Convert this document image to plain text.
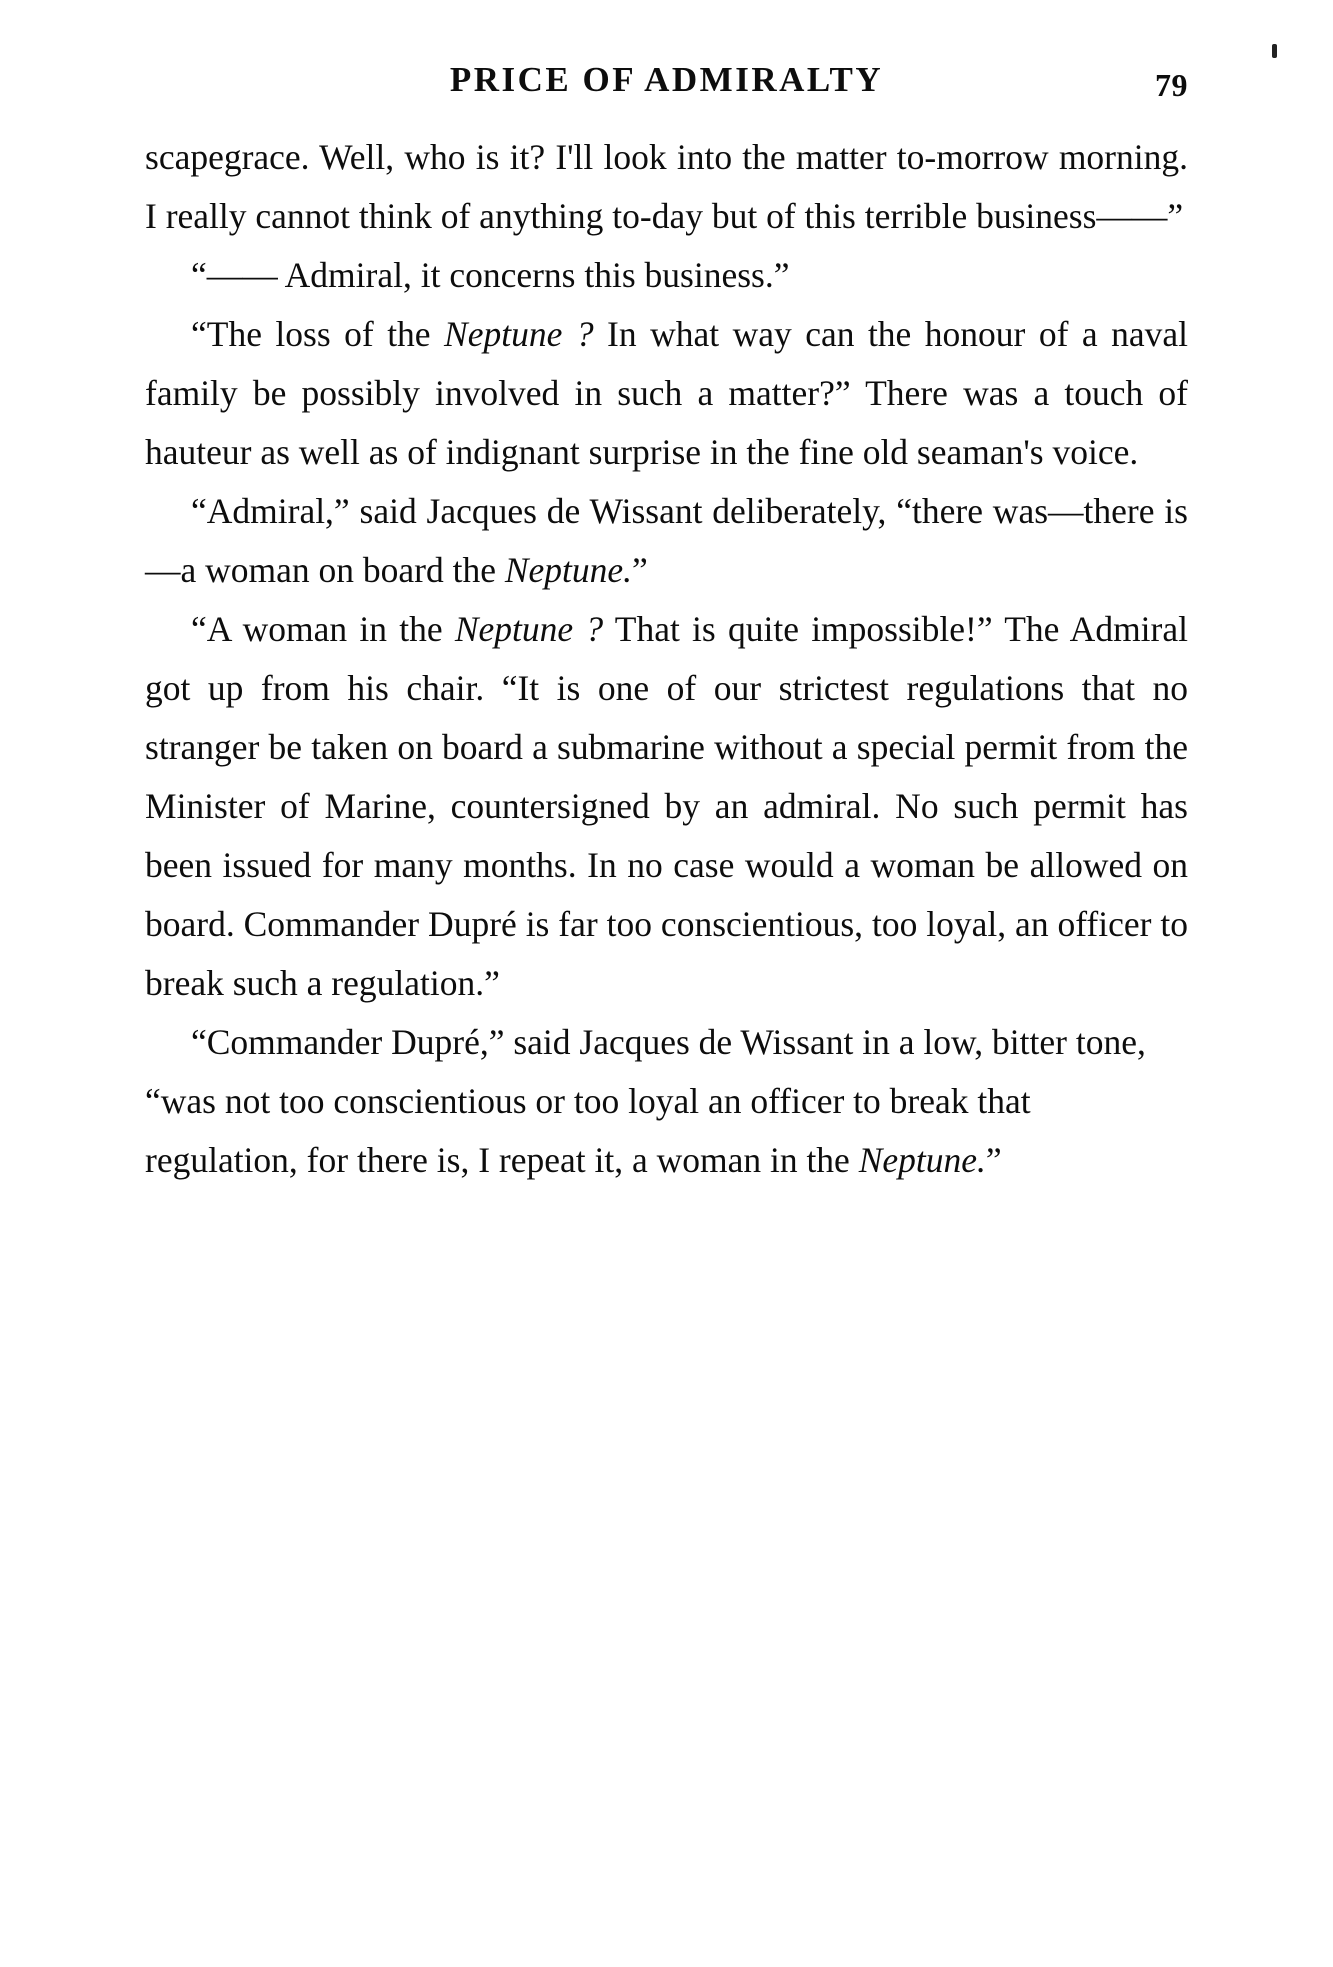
PRICE OF ADMIRALTY	79

scapegrace. Well, who is it? I'll look into the matter to-morrow morning. I really cannot think of anything to-day but of this terrible business——”

“—— Admiral, it concerns this business.”

“The loss of the Neptune ? In what way can the honour of a naval family be possibly involved in such a matter?” There was a touch of hauteur as well as of indignant surprise in the fine old seaman's voice.

“Admiral,” said Jacques de Wissant deliberately, “there was—there is—a woman on board the Neptune.”

“A woman in the Neptune ? That is quite impossible!” The Admiral got up from his chair. “It is one of our strictest regulations that no stranger be taken on board a submarine without a special permit from the Minister of Marine, countersigned by an admiral. No such permit has been issued for many months. In no case would a woman be allowed on board. Commander Dupré is far too conscientious, too loyal, an officer to break such a regulation.”

“Commander Dupré,” said Jacques de Wissant in a low, bitter tone, “was not too conscientious or too loyal an officer to break that regulation, for there is, I repeat it, a woman in the Neptune.”
